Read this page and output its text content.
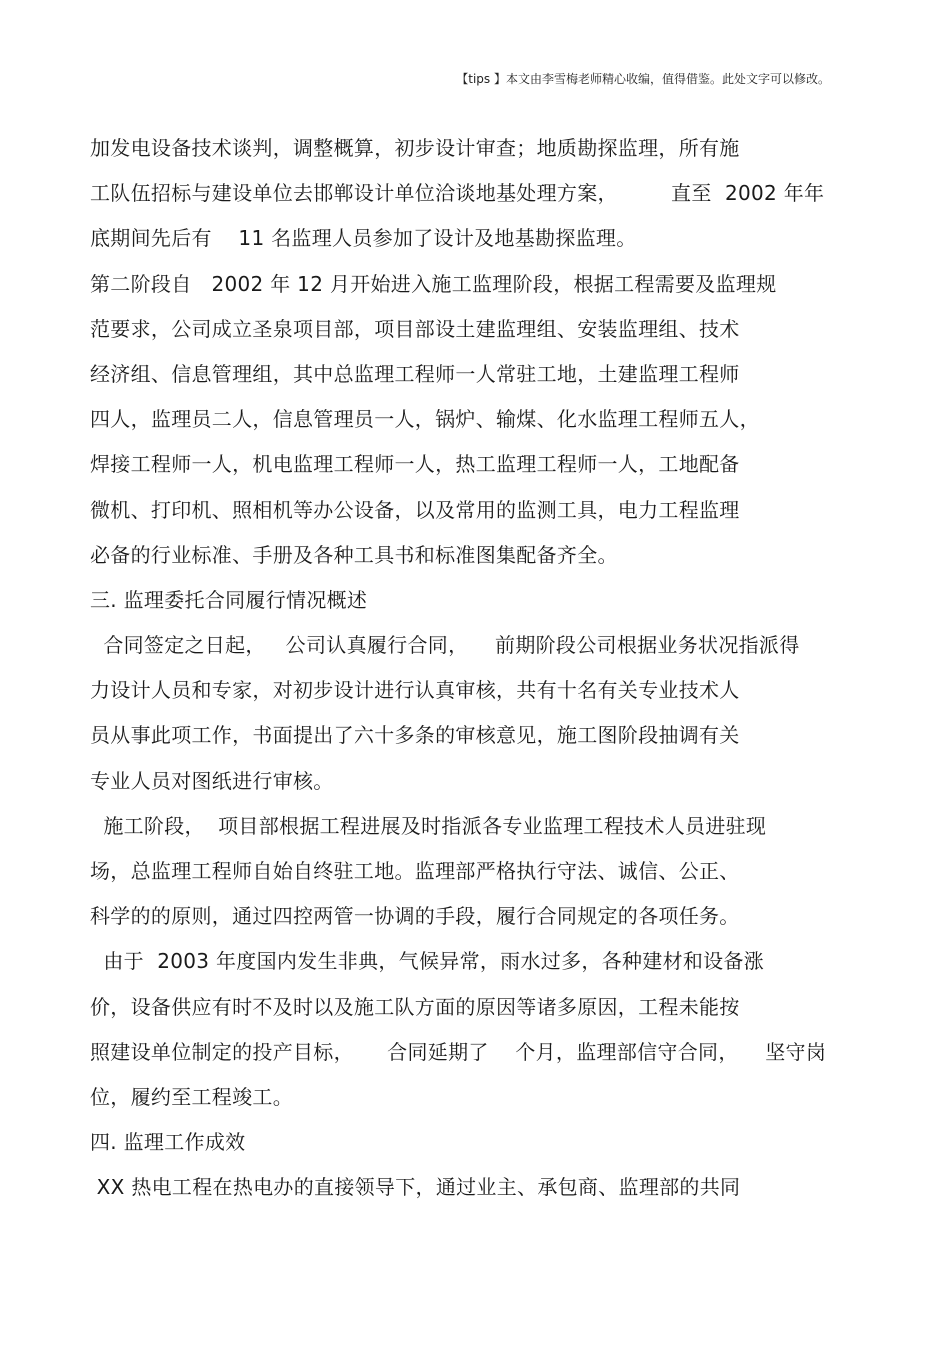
【tips 】本文由李雪梅老师精心收编，值得借鉴。此处文字可以修改。
加发电设备技术谈判，调整概算，初步设计审查；地质勘探监理，所有施
工队伍招标与建设单位去邯郸设计单位洽谈地基处理方案，        直至  2002 年年
底期间先后有    11 名监理人员参加了设计及地基勘探监理。
第二阶段自   2002 年 12 月开始进入施工监理阶段，根据工程需要及监理规
范要求，公司成立圣泉项目部，项目部设土建监理组、安装监理组、技术
经济组、信息管理组，其中总监理工程师一人常驻工地，土建监理工程师
四人，监理员二人，信息管理员一人，锅炉、输煤、化水监理工程师五人，
焊接工程师一人，机电监理工程师一人，热工监理工程师一人，工地配备
微机、打印机、照相机等办公设备，以及常用的监测工具，电力工程监理
必备的行业标准、手册及各种工具书和标准图集配备齐全。
三. 监理委托合同履行情况概述
合同签定之日起，   公司认真履行合同，    前期阶段公司根据业务状况指派得
力设计人员和专家，对初步设计进行认真审核，共有十名有关专业技术人
员从事此项工作，书面提出了六十多条的审核意见，施工图阶段抽调有关
专业人员对图纸进行审核。
施工阶段，  项目部根据工程进展及时指派各专业监理工程技术人员进驻现
场，总监理工程师自始自终驻工地。监理部严格执行守法、诚信、公正、
科学的的原则，通过四控两管一协调的手段，履行合同规定的各项任务。
由于  2003 年度国内发生非典，气候异常，雨水过多，各种建材和设备涨
价，设备供应有时不及时以及施工队方面的原因等诸多原因，工程未能按
照建设单位制定的投产目标，     合同延期了    个月，监理部信守合同，    坚守岗
位，履约至工程竣工。
四. 监理工作成效
XX 热电工程在热电办的直接领导下，通过业主、承包商、监理部的共同
